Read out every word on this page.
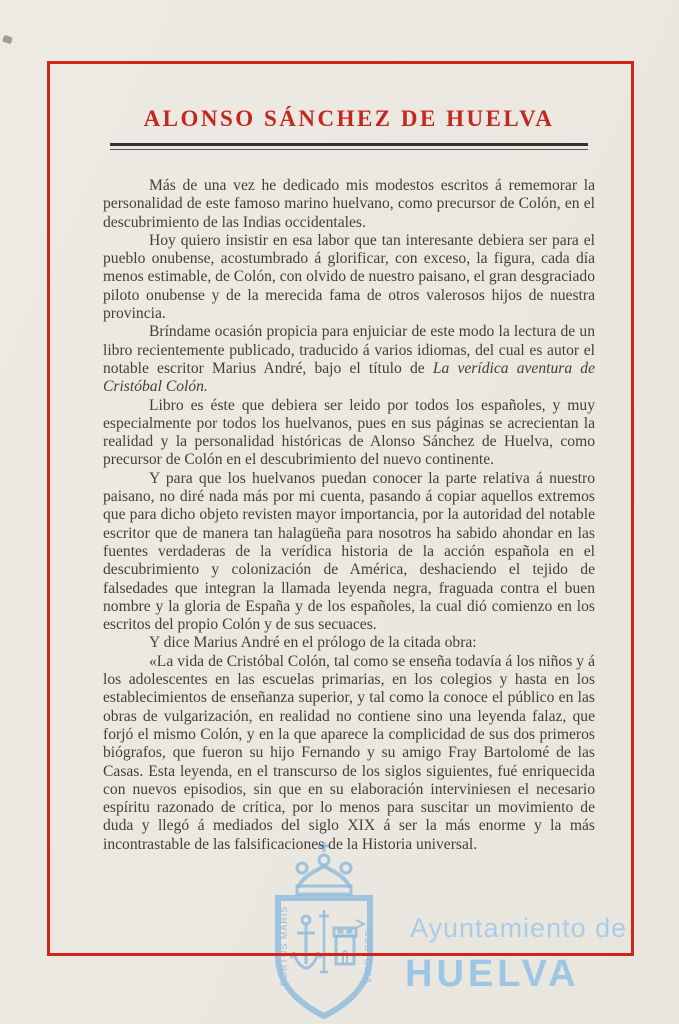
PORTUS MARIS	CUSTODIA
Ayuntamiento de
HUELVA
ALONSO SÁNCHEZ DE HUELVA

Más de una vez he dedicado mis modestos escritos á rememorar la personalidad de este famoso marino huelvano, como precursor de Colón, en el descubrimiento de las Indias occidentales.

Hoy quiero insistir en esa labor que tan interesante debiera ser para el pueblo onubense, acostumbrado á glorificar, con exceso, la figura, cada día menos estimable, de Colón, con olvido de nuestro paisano, el gran desgraciado piloto onubense y de la merecida fama de otros valerosos hijos de nuestra provincia.

Bríndame ocasión propicia para enjuiciar de este modo la lectura de un libro recientemente publicado, traducido á varios idiomas, del cual es autor el notable escritor Marius André, bajo el título de La verídica aventura de Cristóbal Colón.

Libro es éste que debiera ser leido por todos los españoles, y muy especialmente por todos los huelvanos, pues en sus páginas se acrecientan la realidad y la personalidad históricas de Alonso Sánchez de Huelva, como precursor de Colón en el descubrimiento del nuevo continente.

Y para que los huelvanos puedan conocer la parte relativa á nuestro paisano, no diré nada más por mi cuenta, pasando á copiar aquellos extremos que para dicho objeto revisten mayor importancia, por la autoridad del notable escritor que de manera tan halagüeña para nosotros ha sabido ahondar en las fuentes verdaderas de la verídica historia de la acción española en el descubrimiento y colonización de América, deshaciendo el tejido de falsedades que integran la llamada leyenda negra, fraguada contra el buen nombre y la gloria de España y de los españoles, la cual dió comienzo en los escritos del propio Colón y de sus secuaces.

Y dice Marius André en el prólogo de la citada obra:

«La vida de Cristóbal Colón, tal como se enseña todavía á los niños y á los adolescentes en las escuelas primarias, en los colegios y hasta en los establecimientos de enseñanza superior, y tal como la conoce el público en las obras de vulgarización, en realidad no contiene sino una leyenda falaz, que forjó el mismo Colón, y en la que aparece la complicidad de sus dos primeros biógrafos, que fueron su hijo Fernando y su amigo Fray Bartolomé de las Casas. Esta leyenda, en el transcurso de los siglos siguientes, fué enriquecida con nuevos episodios, sin que en su elaboración interviniesen el necesario espíritu razonado de crítica, por lo menos para suscitar un movimiento de duda y llegó á mediados del siglo XIX á ser la más enorme y la más incontrastable de las falsificaciones de la Historia universal.
